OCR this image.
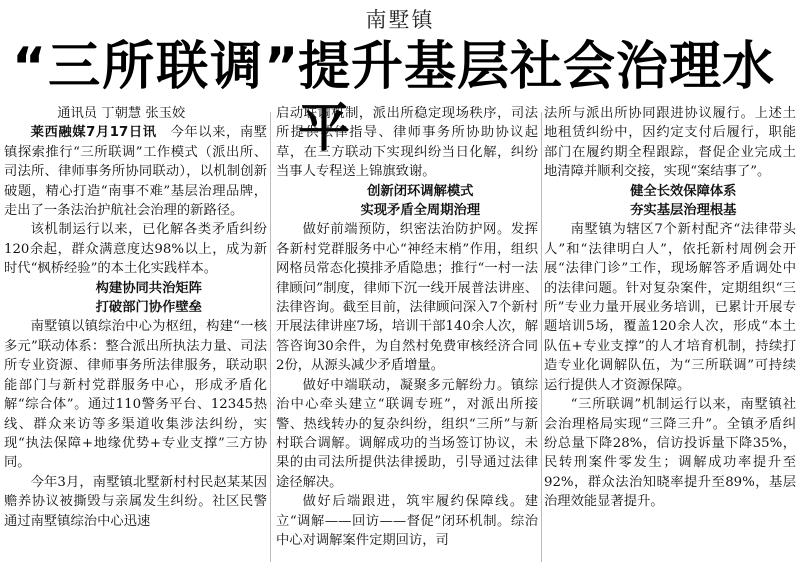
南墅镇
“三所联调”
提升基层社会治理水平

通讯员 丁朝慧 张玉姣

莱西融媒7月17日讯　 今年以来，南墅镇探索推行“三所联调”工作模式（派出所、司法所、律师事务所协同联动），以机制创新破题，精心打造“南事不难”基层治理品牌，走出了一条法治护航社会治理的新路径。

该机制运行以来，已化解各类矛盾纠纷120余起，群众满意度达98%以上，成为新时代“枫桥经验”的本土化实践样本。

构建协同共治矩阵

打破部门协作壁垒

南墅镇以镇综治中心为枢纽，构建“一核多元”联动体系：整合派出所执法力量、司法所专业资源、律师事务所法律服务，联动职能部门与新村党群服务中心，形成矛盾化解“综合体”。通过110警务平台、12345热线、群众来访等多渠道收集涉法纠纷，实现“执法保障+地缘优势+专业支撑”三方协同。

今年3月，南墅镇北墅新村村民赵某某因赡养协议被撕毁与亲属发生纠纷。社区民警通过南墅镇综治中心迅速

启动联调机制，派出所稳定现场秩序，司法所提供法律指导、律师事务所协助协议起草，在三方联动下实现纠纷当日化解，纠纷当事人专程送上锦旗致谢。

创新闭环调解模式

实现矛盾全周期治理

做好前端预防，织密法治防护网。发挥各新村党群服务中心“神经末梢”作用，组织网格员常态化摸排矛盾隐患；推行“一村一法律顾问”制度，律师下沉一线开展普法讲座、法律咨询。截至目前，法律顾问深入7个新村开展法律讲座7场，培训干部140余人次，解答咨询30余件，为自然村免费审核经济合同2份，从源头减少矛盾增量。

做好中端联动，凝聚多元解纷力。镇综治中心牵头建立“联调专班”，对派出所接警、热线转办的复杂纠纷，组织“三所”与新村联合调解。调解成功的当场签订协议，未果的由司法所提供法律援助，引导通过法律途径解决。

做好后端跟进，筑牢履约保障线。建立“调解——回访——督促”闭环机制。综治中心对调解案件定期回访，司

法所与派出所协同跟进协议履行。上述土地租赁纠纷中，因约定支付后履行，职能部门在履约期全程跟踪，督促企业完成土地清障并顺利交接，实现“案结事了”。

健全长效保障体系

夯实基层治理根基

南墅镇为辖区7个新村配齐“法律带头人”和“法律明白人”，依托新村周例会开展“法律门诊”工作，现场解答矛盾调处中的法律问题。针对复杂案件，定期组织“三所”专业力量开展业务培训，已累计开展专题培训5场，覆盖120余人次，形成“本土队伍+专业支撑”的人才培育机制，持续打造专业化调解队伍，为“三所联调”可持续运行提供人才资源保障。

“三所联调”机制运行以来，南墅镇社会治理格局实现“三降三升”。全镇矛盾纠纷总量下降28%，信访投诉量下降35%，民转刑案件零发生；调解成功率提升至92%，群众法治知晓率提升至89%，基层治理效能显著提升。
